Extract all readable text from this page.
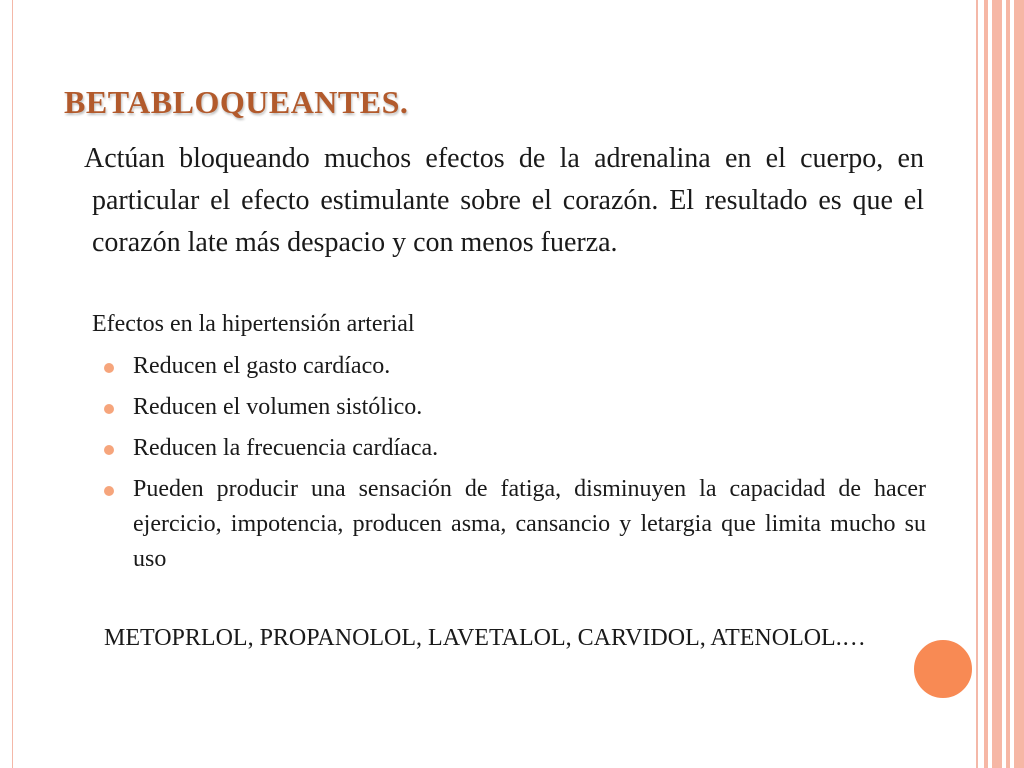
BETABLOQUEANTES.
Actúan bloqueando muchos efectos de la adrenalina en el cuerpo, en particular el efecto estimulante sobre el corazón. El resultado es que el corazón late más despacio y con menos fuerza.
Efectos en la hipertensión arterial
Reducen el gasto cardíaco.
Reducen el volumen sistólico.
Reducen la frecuencia cardíaca.
Pueden producir una sensación de fatiga, disminuyen la capacidad de hacer ejercicio, impotencia, producen asma, cansancio y letargia que limita mucho su uso
METOPRLOL, PROPANOLOL, LAVETALOL, CARVIDOL, ATENOLOL.…
